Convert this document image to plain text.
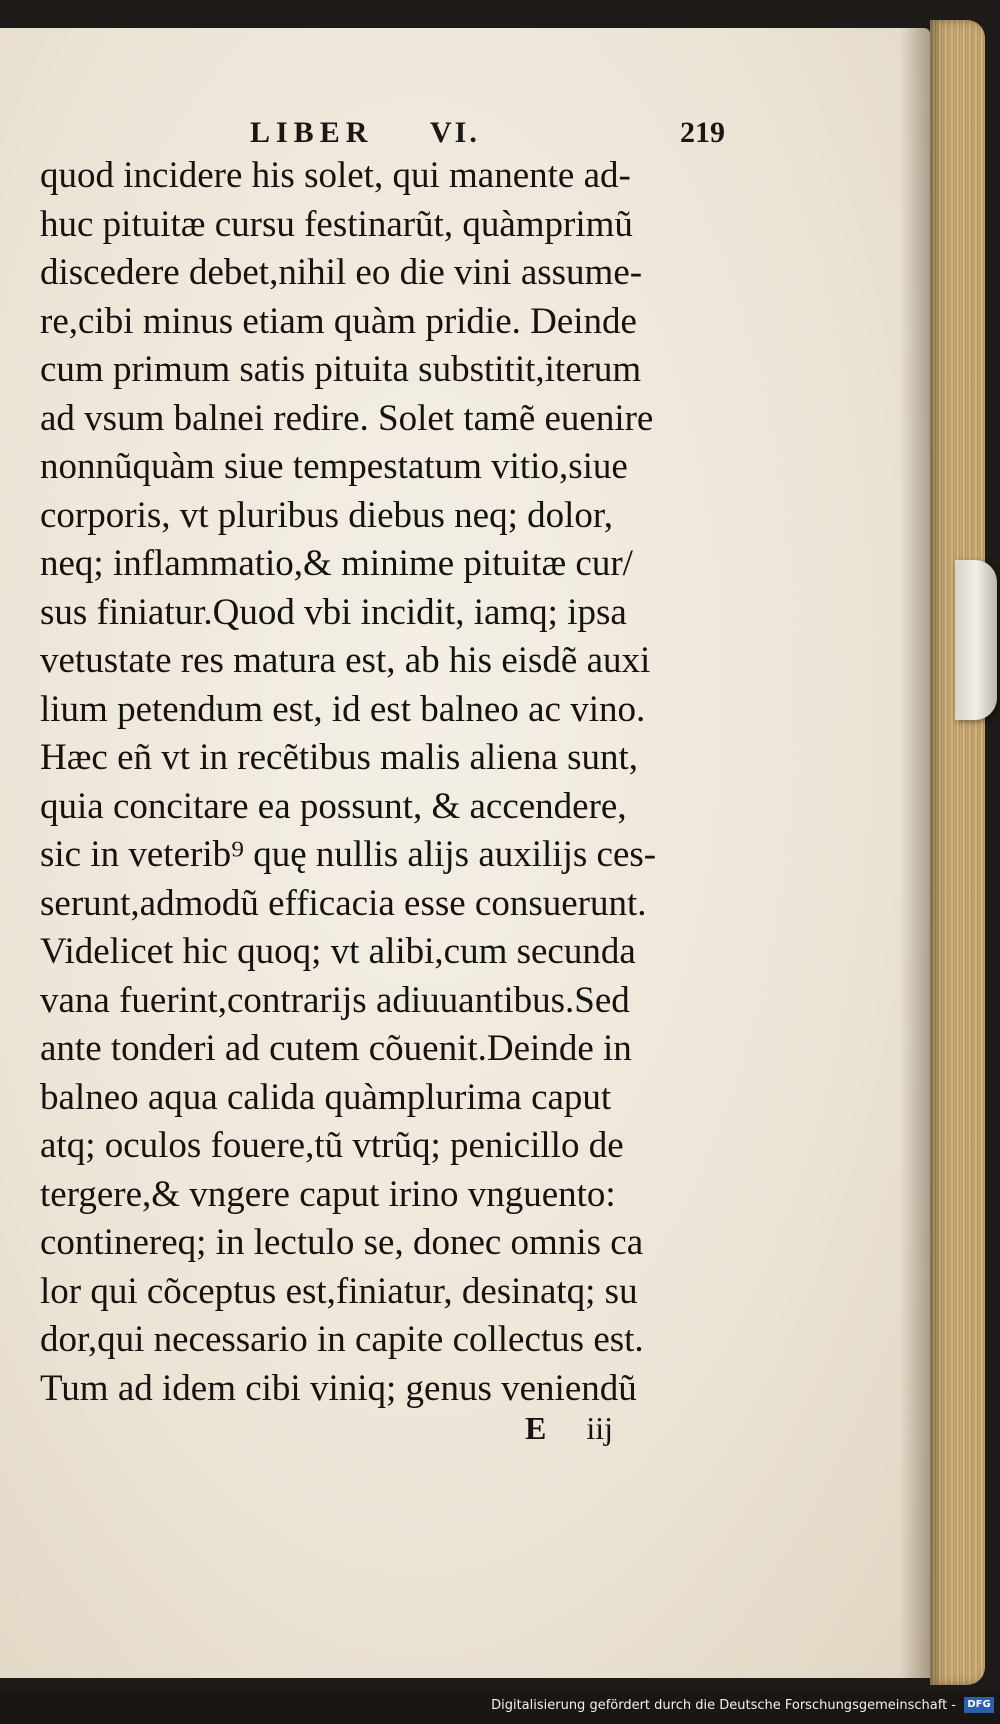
LIBER VI.	219
quod incidere his solet, qui manente ad-
huc pituitæ cursu festinarũt, quàmprimũ
discedere debet,nihil eo die vini assume-
re,cibi minus etiam quàm pridie. Deinde
cum primum satis pituita substitit,iterum
ad vsum balnei redire. Solet tamẽ euenire
nonnũquàm siue tempestatum vitio,siue
corporis, vt pluribus diebus neq; dolor,
neq; inflammatio,& minime pituitæ cur/
sus finiatur.Quod vbi incidit, iamq; ipsa
vetustate res matura est, ab his eisdẽ auxi
lium petendum est, id est balneo ac vino.
Hæc eñ vt in recẽtibus malis aliena sunt,
quia concitare ea possunt, & accendere,
sic in veterib⁹ quę nullis alijs auxilijs ces-
serunt,admodũ efficacia esse consuerunt.
Videlicet hic quoq; vt alibi,cum secunda
vana fuerint,contrarijs adiuuantibus.Sed
ante tonderi ad cutem cõuenit.Deinde in
balneo aqua calida quàmplurima caput
atq; oculos fouere,tũ vtrũq; penicillo de
tergere,& vngere caput irino vnguento:
continereq; in lectulo se, donec omnis ca
lor qui cõceptus est,finiatur, desinatq; su
dor,qui necessario in capite collectus est.
Tum ad idem cibi viniq; genus veniendũ
E iij
Digitalisierung gefördert durch die Deutsche Forschungsgemeinschaft -	DFG
